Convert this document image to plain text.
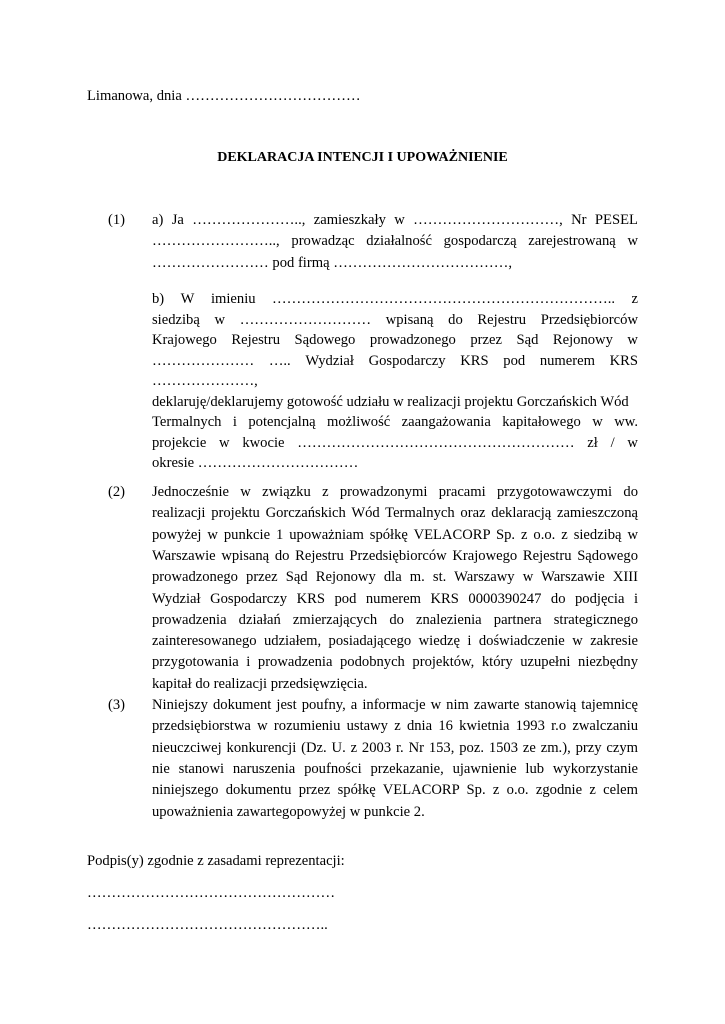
Limanowa, dnia ………………………………
DEKLARACJA INTENCJI I UPOWAŻNIENIE
(1) a) Ja ………………….., zamieszkały w …………………………, Nr PESEL
…………………….., prowadząc działalność gospodarczą zarejestrowaną w
…………………… pod firmą ………………………………,
b) W imieniu …………………………………………………………….. z
siedzibą w ……………………… wpisaną do Rejestru Przedsiębiorców
Krajowego Rejestru Sądowego prowadzonego przez Sąd Rejonowy w
………………… ….. Wydział Gospodarczy KRS pod numerem KRS
…………………,
deklaruję/deklarujemy gotowość udziału w realizacji projektu Gorczańskich Wód
Termalnych i potencjalną możliwość zaangażowania kapitałowego w ww.
projekcie w kwocie ………………………………………………… zł / w
okresie ……………………………
(2) Jednocześnie w związku z prowadzonymi pracami przygotowawczymi do
realizacji projektu Gorczańskich Wód Termalnych oraz deklaracją zamieszczoną
powyżej w punkcie 1 upoważniam spółkę VELACORP Sp. z o.o. z siedzibą w
Warszawie wpisaną do Rejestru Przedsiębiorców Krajowego Rejestru Sądowego
prowadzonego przez Sąd Rejonowy dla m. st. Warszawy w Warszawie XIII
Wydział Gospodarczy KRS pod numerem KRS 0000390247 do podjęcia i
prowadzenia działań zmierzających do znalezienia partnera strategicznego
zainteresowanego udziałem, posiadającego wiedzę i doświadczenie w zakresie
przygotowania i prowadzenia podobnych projektów, który uzupełni niezbędny
kapitał do realizacji przedsięwzięcia.
(3) Niniejszy dokument jest poufny, a informacje w nim zawarte stanowią tajemnicę
przedsiębiorstwa w rozumieniu ustawy z dnia 16 kwietnia 1993 r.o zwalczaniu
nieuczciwej konkurencji (Dz. U. z 2003 r. Nr 153, poz. 1503 ze zm.), przy czym
nie stanowi naruszenia poufności przekazanie, ujawnienie lub wykorzystanie
niniejszego dokumentu przez spółkę VELACORP Sp. z o.o. zgodnie z celem
upoważnienia zawartegopowyżej w punkcie 2.
Podpis(y) zgodnie z zasadami reprezentacji:
……………………………………………
…………………………………………..
